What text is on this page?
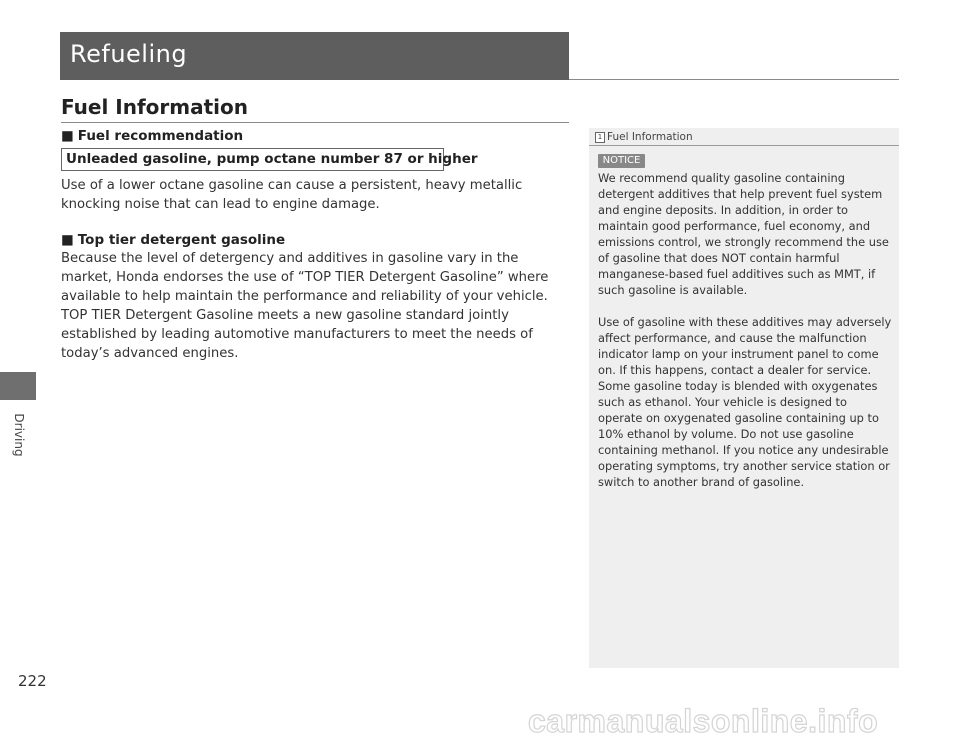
Driving
Refueling
Fuel Information
■ Fuel recommendation
Unleaded gasoline, pump octane number 87 or higher
Use of a lower octane gasoline can cause a persistent, heavy metallic knocking noise that can lead to engine damage.
■ Top tier detergent gasoline
Because the level of detergency and additives in gasoline vary in the market, Honda endorses the use of “TOP TIER Detergent Gasoline” where available to help maintain the performance and reliability of your vehicle. TOP TIER Detergent Gasoline meets a new gasoline standard jointly established by leading automotive manufacturers to meet the needs of today’s advanced engines.
1 Fuel Information
NOTICE
We recommend quality gasoline containing detergent additives that help prevent fuel system and engine deposits. In addition, in order to maintain good performance, fuel economy, and emissions control, we strongly recommend the use of gasoline that does NOT contain harmful manganese-based fuel additives such as MMT, if such gasoline is available.
Use of gasoline with these additives may adversely affect performance, and cause the malfunction indicator lamp on your instrument panel to come on. If this happens, contact a dealer for service.
Some gasoline today is blended with oxygenates such as ethanol. Your vehicle is designed to operate on oxygenated gasoline containing up to 10% ethanol by volume. Do not use gasoline containing methanol. If you notice any undesirable operating symptoms, try another service station or switch to another brand of gasoline.
222
carmanualsonline.info
